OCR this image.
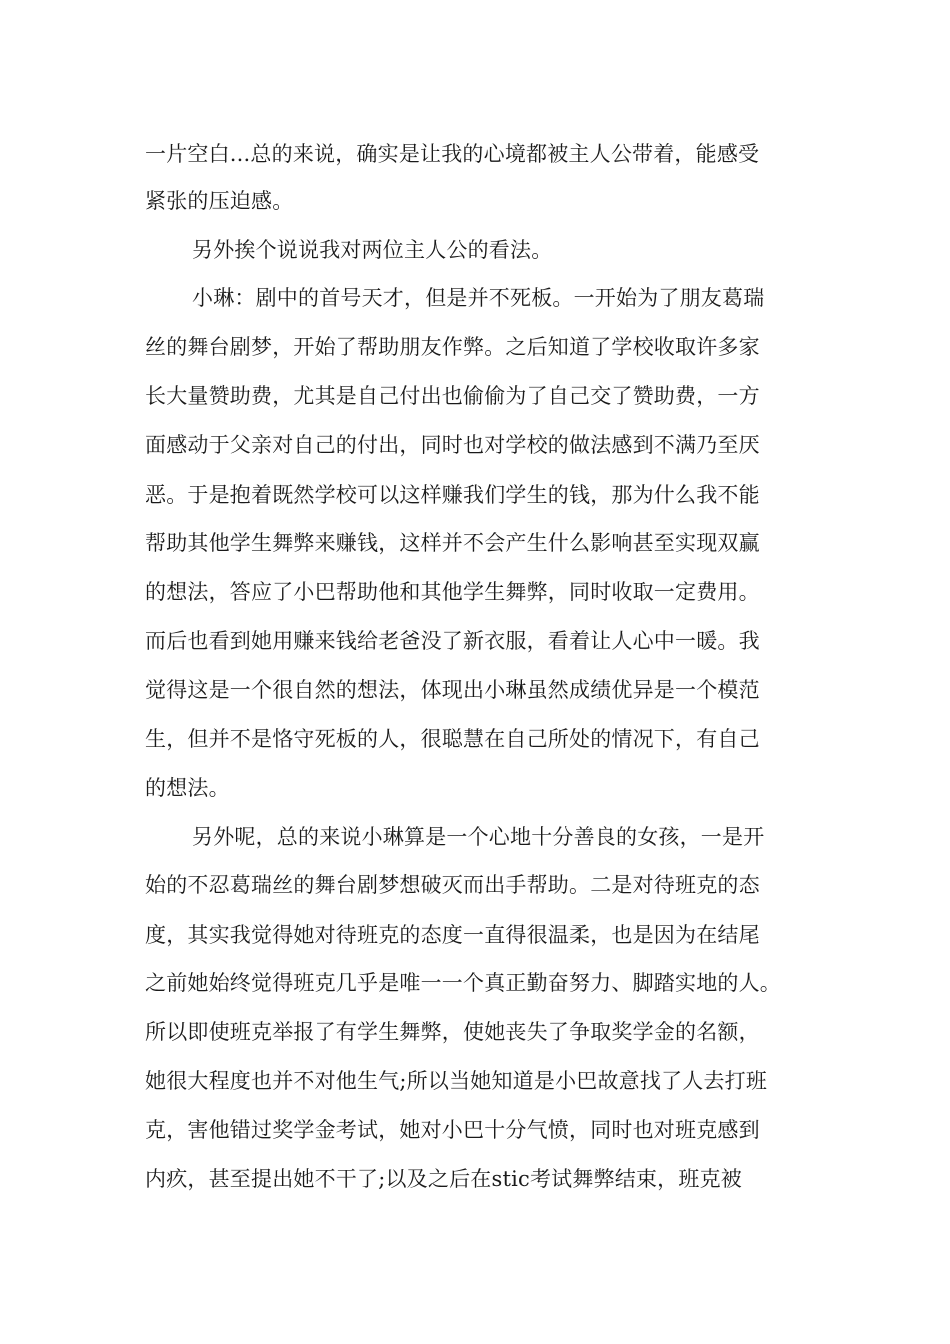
一片空白...总的来说，确实是让我的心境都被主人公带着，能感受
紧张的压迫感。
另外挨个说说我对两位主人公的看法。
小琳：剧中的首号天才，但是并不死板。一开始为了朋友葛瑞
丝的舞台剧梦，开始了帮助朋友作弊。之后知道了学校收取许多家
长大量赞助费，尤其是自己付出也偷偷为了自己交了赞助费，一方
面感动于父亲对自己的付出，同时也对学校的做法感到不满乃至厌
恶。于是抱着既然学校可以这样赚我们学生的钱，那为什么我不能
帮助其他学生舞弊来赚钱，这样并不会产生什么影响甚至实现双赢
的想法，答应了小巴帮助他和其他学生舞弊，同时收取一定费用。
而后也看到她用赚来钱给老爸没了新衣服，看着让人心中一暖。我
觉得这是一个很自然的想法，体现出小琳虽然成绩优异是一个模范
生，但并不是恪守死板的人，很聪慧在自己所处的情况下，有自己
的想法。
另外呢，总的来说小琳算是一个心地十分善良的女孩，一是开
始的不忍葛瑞丝的舞台剧梦想破灭而出手帮助。二是对待班克的态
度，其实我觉得她对待班克的态度一直得很温柔，也是因为在结尾
之前她始终觉得班克几乎是唯一一个真正勤奋努力、脚踏实地的人。
所以即使班克举报了有学生舞弊，使她丧失了争取奖学金的名额，
她很大程度也并不对他生气;所以当她知道是小巴故意找了人去打班
克，害他错过奖学金考试，她对小巴十分气愤，同时也对班克感到
内疚，甚至提出她不干了;以及之后在stic考试舞弊结束，班克被
